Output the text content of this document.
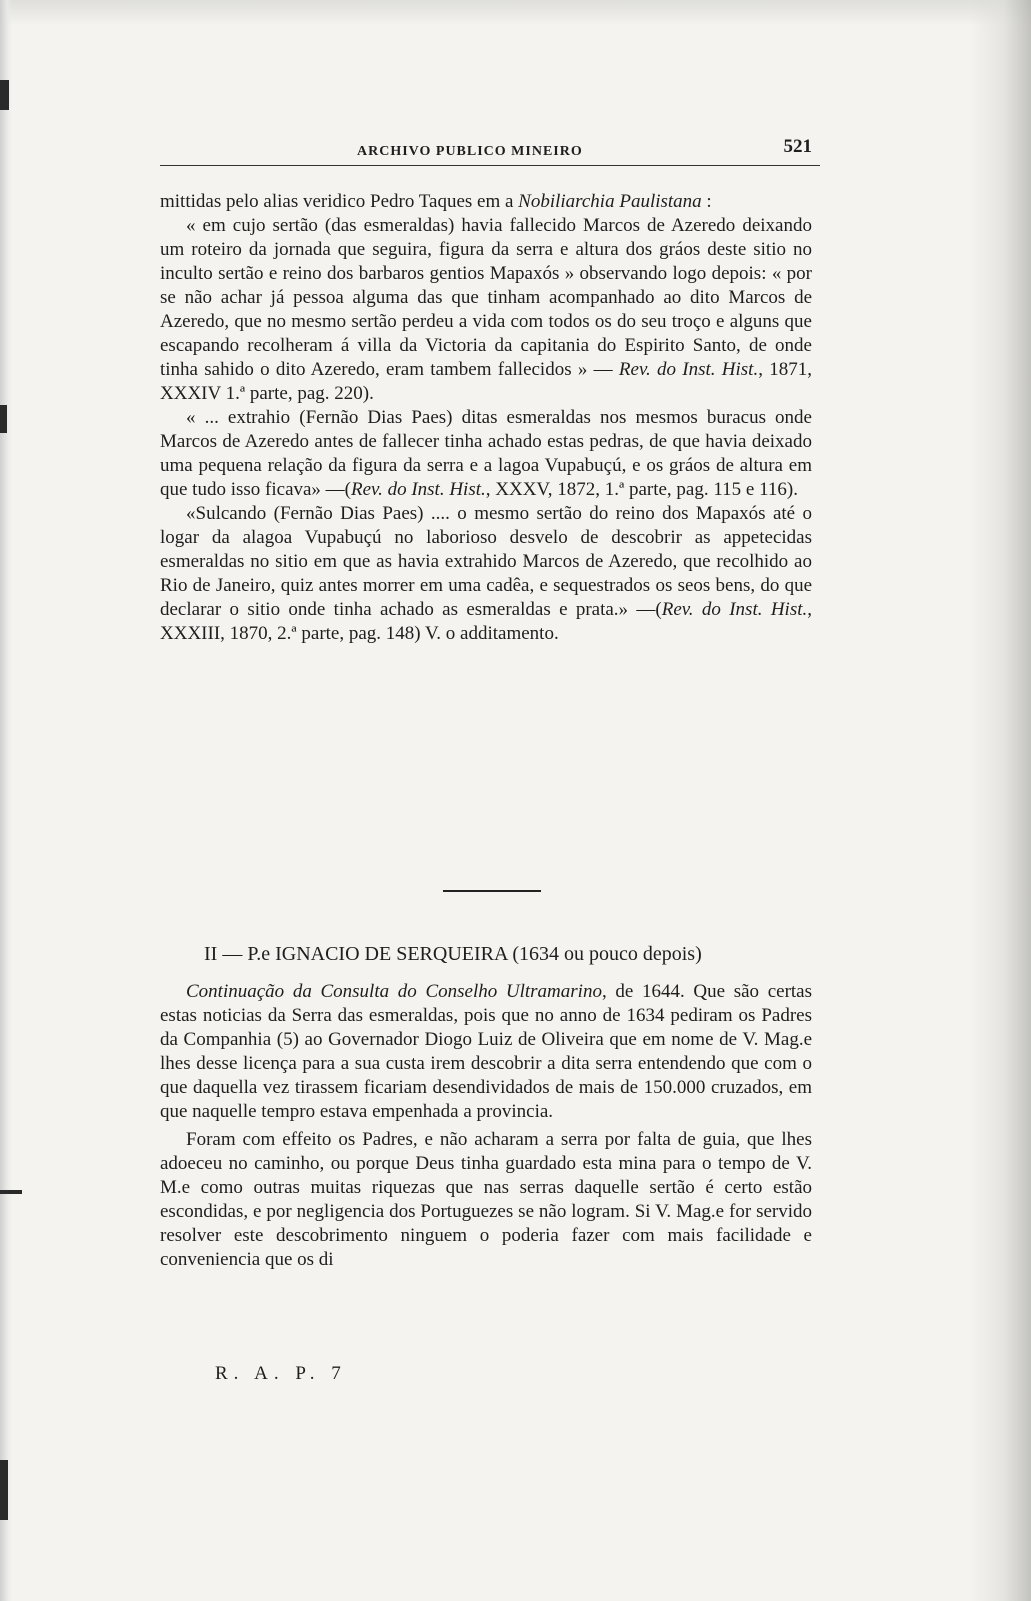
ARCHIVO PUBLICO MINEIRO	521

mittidas pelo alias veridico Pedro Taques em a Nobiliarchia Paulistana :

« em cujo sertão (das esmeraldas) havia fallecido Marcos de Azeredo deixando um roteiro da jornada que seguira, figura da serra e altura dos gráos deste sitio no inculto sertão e reino dos barbaros gentios Mapaxós » observando logo depois: « por se não achar já pessoa alguma das que tinham acompanhado ao dito Marcos de Azeredo, que no mesmo sertão perdeu a vida com todos os do seu troço e alguns que escapando recolheram á villa da Victoria da capitania do Espirito Santo, de onde tinha sahido o dito Azeredo, eram tambem fallecidos » — Rev. do Inst. Hist., 1871, XXXIV 1.ª parte, pag. 220).

« ... extrahio (Fernão Dias Paes) ditas esmeraldas nos mesmos buracus onde Marcos de Azeredo antes de fallecer tinha achado estas pedras, de que havia deixado uma pequena relação da figura da serra e a lagoa Vupabuçú, e os gráos de altura em que tudo isso ficava» —(Rev. do Inst. Hist., XXXV, 1872, 1.ª parte, pag. 115 e 116).

«Sulcando (Fernão Dias Paes) .... o mesmo sertão do reino dos Mapaxós até o logar da alagoa Vupabuçú no laborioso desvelo de descobrir as appetecidas esmeraldas no sitio em que as havia extrahido Marcos de Azeredo, que recolhido ao Rio de Janeiro, quiz antes morrer em uma cadêa, e sequestrados os seos bens, do que declarar o sitio onde tinha achado as esmeraldas e prata.» —(Rev. do Inst. Hist., XXXIII, 1870, 2.ª parte, pag. 148) V. o additamento.

II — P.e IGNACIO DE SERQUEIRA (1634 ou pouco depois)

Continuação da Consulta do Conselho Ultramarino, de 1644. Que são certas estas noticias da Serra das esmeraldas, pois que no anno de 1634 pediram os Padres da Companhia (5) ao Governador Diogo Luiz de Oliveira que em nome de V. Mag.e lhes desse licença para a sua custa irem descobrir a dita serra entendendo que com o que daquella vez tirassem ficariam desendividados de mais de 150.000 cruzados, em que naquelle tempro estava empenhada a provincia.

Foram com effeito os Padres, e não acharam a serra por falta de guia, que lhes adoeceu no caminho, ou porque Deus tinha guardado esta mina para o tempo de V. M.e como outras muitas riquezas que nas serras daquelle sertão é certo estão escondidas, e por negligencia dos Portuguezes se não logram. Si V. Mag.e for servido resolver este descobrimento ninguem o poderia fazer com mais facilidade e conveniencia que os di

R. A. P. 7
